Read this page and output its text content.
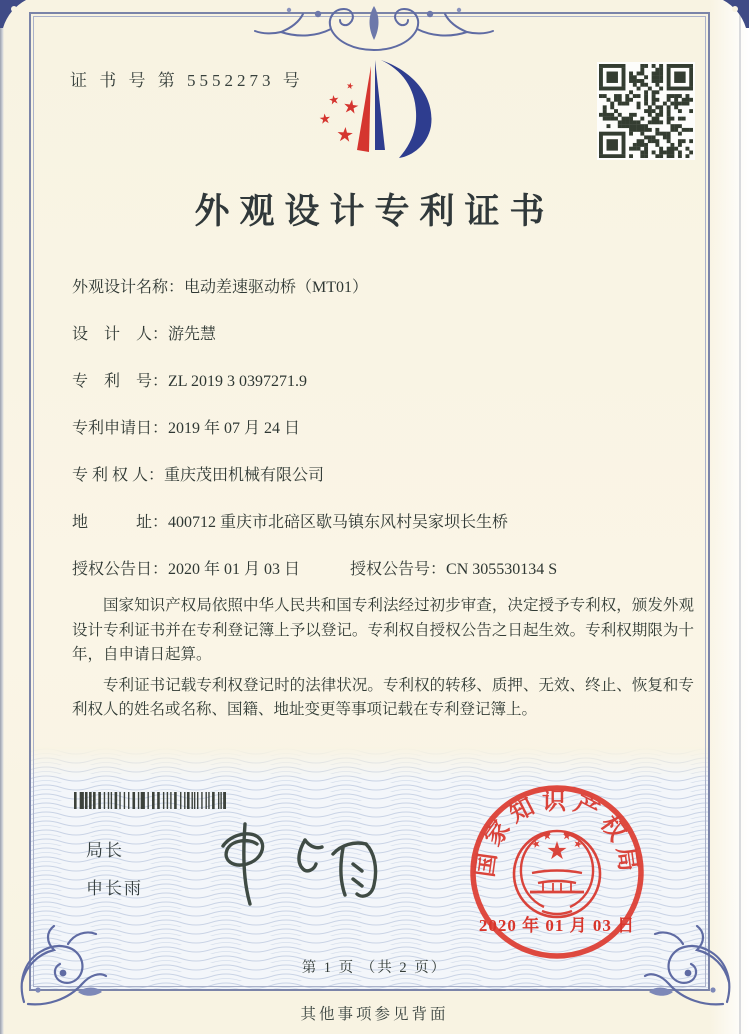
证 书 号 第 5552273 号
外观设计专利证书
外观设计名称：电动差速驱动桥（MT01）
设　计　人：游先慧
专　利　号：ZL 2019 3 0397271.9
专利申请日：2019 年 07 月 24 日
专 利 权 人：重庆茂田机械有限公司
地　　　址：400712 重庆市北碚区歇马镇东风村吴家坝长生桥
授权公告日：2020 年 01 月 03 日	授权公告号：CN 305530134 S

国家知识产权局依照中华人民共和国专利法经过初步审查，决定授予专利权，颁发外观设计专利证书并在专利登记簿上予以登记。专利权自授权公告之日起生效。专利权期限为十年，自申请日起算。

专利证书记载专利权登记时的法律状况。专利权的转移、质押、无效、终止、恢复和专利权人的姓名或名称、国籍、地址变更等事项记载在专利登记簿上。

局长
申长雨
国家知识产权局
2020 年 01 月 03 日
第 1 页 （共 2 页）
其他事项参见背面
